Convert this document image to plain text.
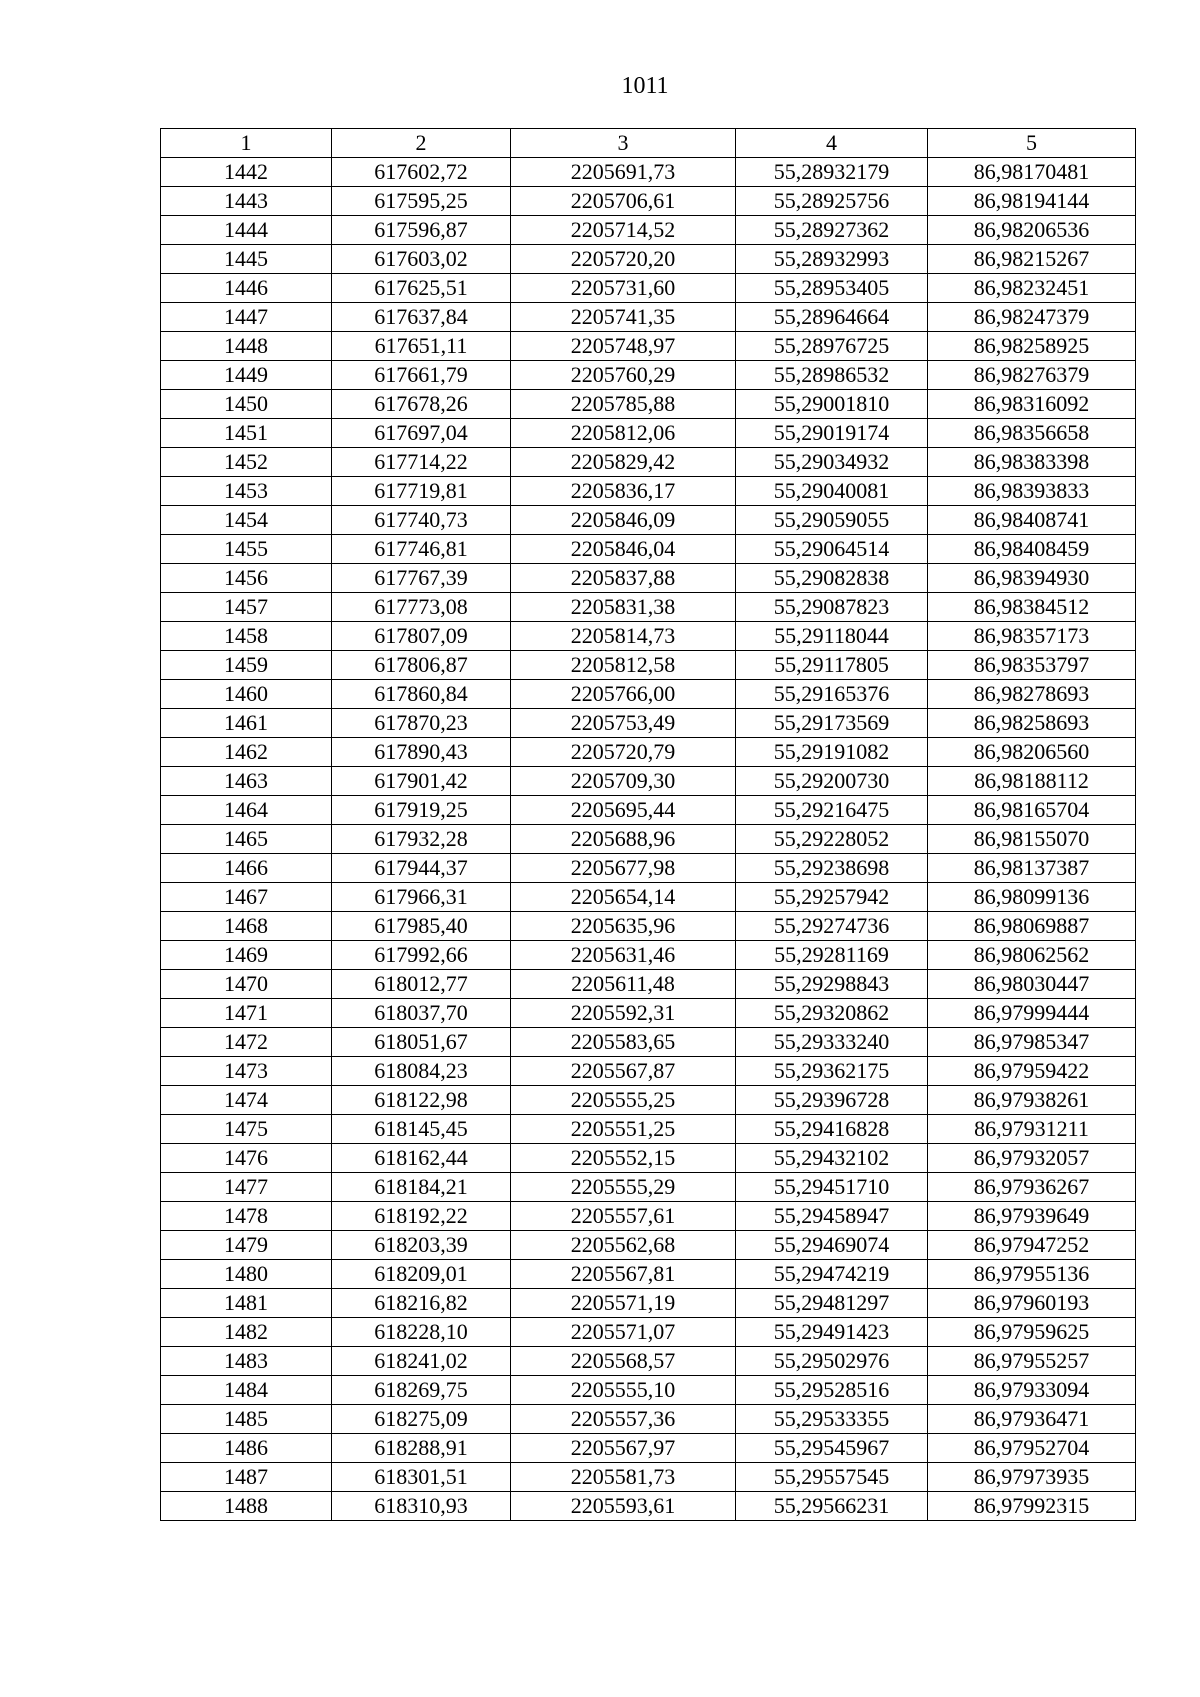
1011
1	2	3	4	5
1442	617602,72	2205691,73	55,28932179	86,98170481
1443	617595,25	2205706,61	55,28925756	86,98194144
1444	617596,87	2205714,52	55,28927362	86,98206536
1445	617603,02	2205720,20	55,28932993	86,98215267
1446	617625,51	2205731,60	55,28953405	86,98232451
1447	617637,84	2205741,35	55,28964664	86,98247379
1448	617651,11	2205748,97	55,28976725	86,98258925
1449	617661,79	2205760,29	55,28986532	86,98276379
1450	617678,26	2205785,88	55,29001810	86,98316092
1451	617697,04	2205812,06	55,29019174	86,98356658
1452	617714,22	2205829,42	55,29034932	86,98383398
1453	617719,81	2205836,17	55,29040081	86,98393833
1454	617740,73	2205846,09	55,29059055	86,98408741
1455	617746,81	2205846,04	55,29064514	86,98408459
1456	617767,39	2205837,88	55,29082838	86,98394930
1457	617773,08	2205831,38	55,29087823	86,98384512
1458	617807,09	2205814,73	55,29118044	86,98357173
1459	617806,87	2205812,58	55,29117805	86,98353797
1460	617860,84	2205766,00	55,29165376	86,98278693
1461	617870,23	2205753,49	55,29173569	86,98258693
1462	617890,43	2205720,79	55,29191082	86,98206560
1463	617901,42	2205709,30	55,29200730	86,98188112
1464	617919,25	2205695,44	55,29216475	86,98165704
1465	617932,28	2205688,96	55,29228052	86,98155070
1466	617944,37	2205677,98	55,29238698	86,98137387
1467	617966,31	2205654,14	55,29257942	86,98099136
1468	617985,40	2205635,96	55,29274736	86,98069887
1469	617992,66	2205631,46	55,29281169	86,98062562
1470	618012,77	2205611,48	55,29298843	86,98030447
1471	618037,70	2205592,31	55,29320862	86,97999444
1472	618051,67	2205583,65	55,29333240	86,97985347
1473	618084,23	2205567,87	55,29362175	86,97959422
1474	618122,98	2205555,25	55,29396728	86,97938261
1475	618145,45	2205551,25	55,29416828	86,97931211
1476	618162,44	2205552,15	55,29432102	86,97932057
1477	618184,21	2205555,29	55,29451710	86,97936267
1478	618192,22	2205557,61	55,29458947	86,97939649
1479	618203,39	2205562,68	55,29469074	86,97947252
1480	618209,01	2205567,81	55,29474219	86,97955136
1481	618216,82	2205571,19	55,29481297	86,97960193
1482	618228,10	2205571,07	55,29491423	86,97959625
1483	618241,02	2205568,57	55,29502976	86,97955257
1484	618269,75	2205555,10	55,29528516	86,97933094
1485	618275,09	2205557,36	55,29533355	86,97936471
1486	618288,91	2205567,97	55,29545967	86,97952704
1487	618301,51	2205581,73	55,29557545	86,97973935
1488	618310,93	2205593,61	55,29566231	86,97992315
